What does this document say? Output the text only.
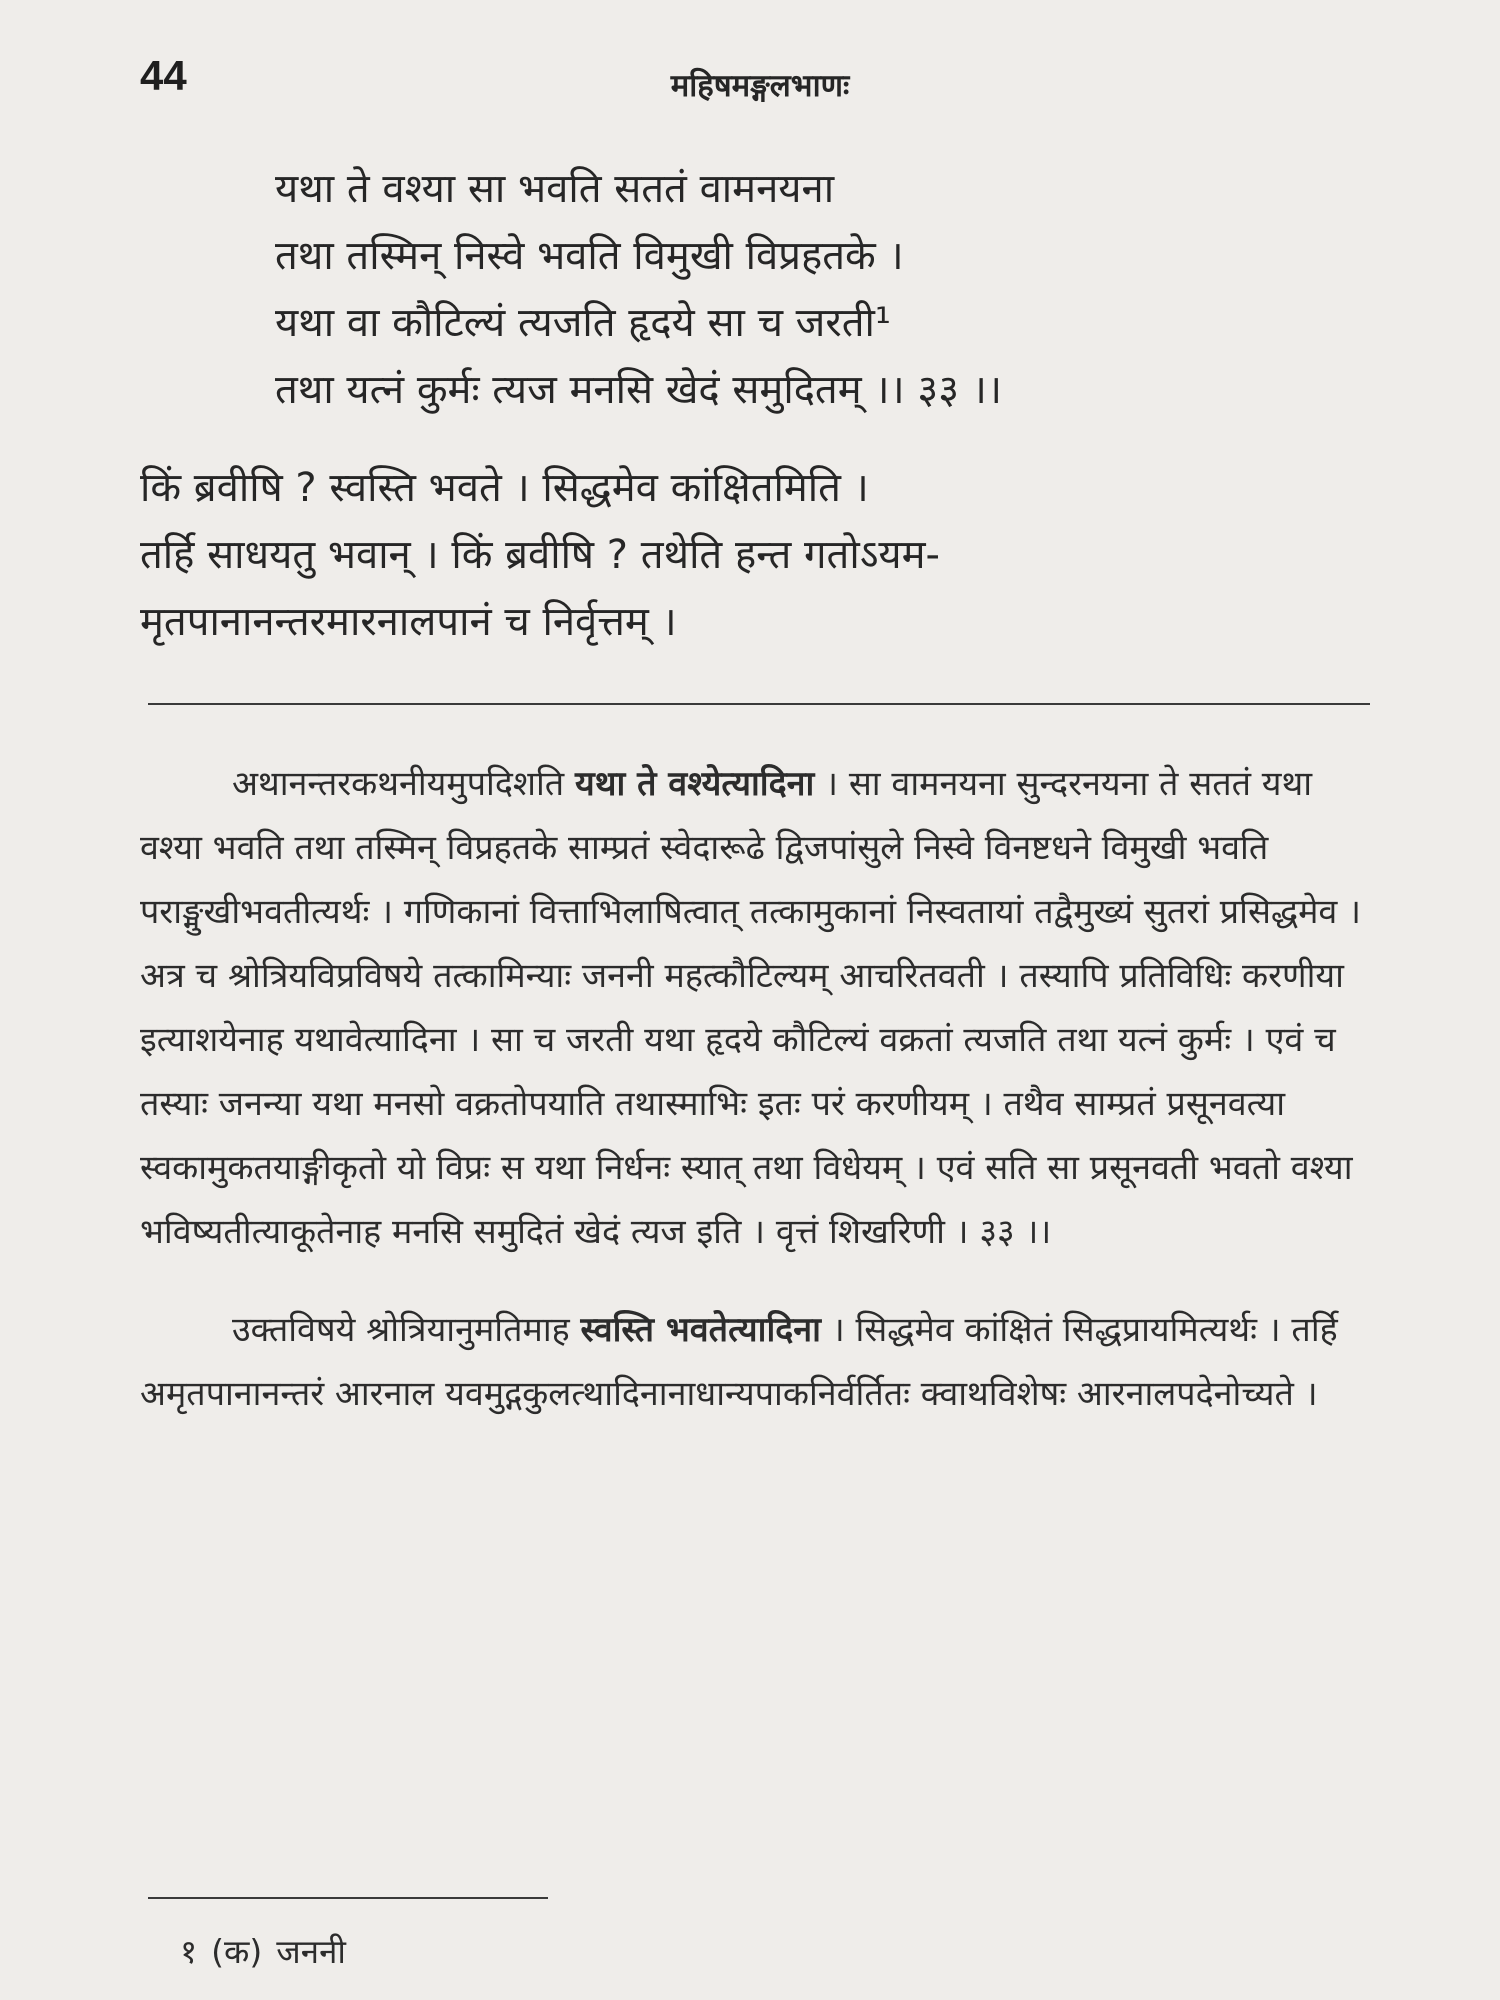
44	महिषमङ्गलभाणः
यथा ते वश्या सा भवति सततं वामनयना
तथा तस्मिन् निस्वे भवति विमुखी विप्रहतके ।
यथा वा कौटिल्यं त्यजति हृदये सा च जरती¹
तथा यत्नं कुर्मः त्यज मनसि खेदं समुदितम् ।। ३३ ।।
किं ब्रवीषि ? स्वस्ति भवते । सिद्धमेव कांक्षितमिति ।
तर्हि साधयतु भवान् । किं ब्रवीषि ? तथेति हन्त गतोऽयम-
मृतपानानन्तरमारनालपानं च निर्वृत्तम् ।

अथानन्तरकथनीयमुपदिशति यथा ते वश्येत्यादिना । सा वामनयना सुन्दरनयना ते सततं यथा वश्या भवति तथा तस्मिन् विप्रहतके साम्प्रतं स्वेदारूढे द्विजपांसुले निस्वे विनष्टधने विमुखी भवति पराङ्मुखीभवतीत्यर्थः । गणिकानां वित्ताभिलाषित्वात् तत्कामुकानां निस्वतायां तद्वैमुख्यं सुतरां प्रसिद्धमेव । अत्र च श्रोत्रियविप्रविषये तत्कामिन्याः जननी महत्कौटिल्यम् आचरितवती । तस्यापि प्रतिविधिः करणीया इत्याशयेनाह यथावेत्यादिना । सा च जरती यथा हृदये कौटिल्यं वक्रतां त्यजति तथा यत्नं कुर्मः । एवं च तस्याः जनन्या यथा मनसो वक्रतोपयाति तथास्माभिः इतः परं करणीयम् । तथैव साम्प्रतं प्रसूनवत्या स्वकामुकतयाङ्गीकृतो यो विप्रः स यथा निर्धनः स्यात् तथा विधेयम् । एवं सति सा प्रसूनवती भवतो वश्या भविष्यतीत्याकूतेनाह मनसि समुदितं खेदं त्यज इति । वृत्तं शिखरिणी । ३३ ।।

उक्तविषये श्रोत्रियानुमतिमाह स्वस्ति भवतेत्यादिना । सिद्धमेव कांक्षितं सिद्धप्रायमित्यर्थः । तर्हि अमृतपानानन्तरं आरनाल यवमुद्गकुलत्थादिनानाधान्यपाकनिर्वर्तितः क्वाथविशेषः आरनालपदेनोच्यते ।

१ (क) जननी
